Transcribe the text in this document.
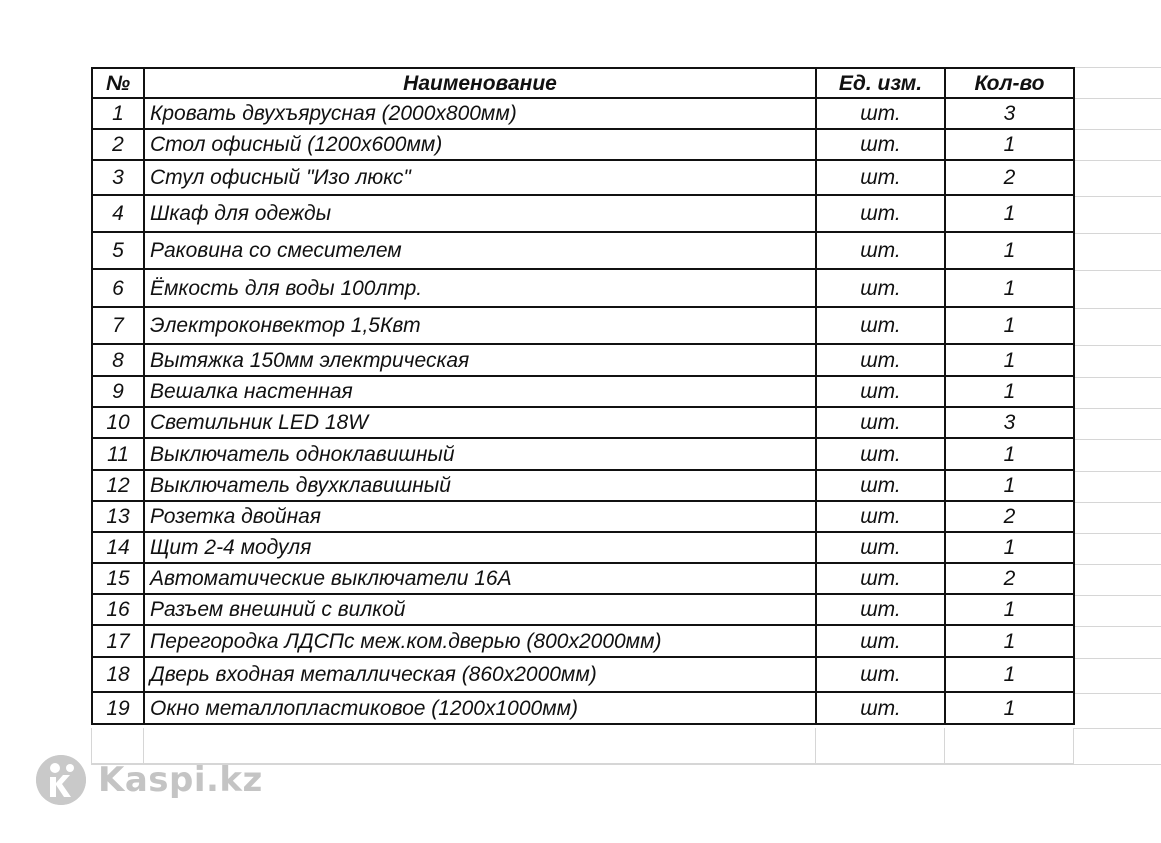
№	Наименование	Ед. изм.	Кол-во
1	Кровать двухъярусная (2000х800мм)	шт.	3
2	Стол офисный (1200х600мм)	шт.	1
3	Стул офисный "Изо люкс"	шт.	2
4	Шкаф для одежды	шт.	1
5	Раковина со смесителем	шт.	1
6	Ёмкость для воды 100лтр.	шт.	1
7	Электроконвектор 1,5Квт	шт.	1
8	Вытяжка 150мм электрическая	шт.	1
9	Вешалка настенная	шт.	1
10	Светильник LED 18W	шт.	3
11	Выключатель одноклавишный	шт.	1
12	Выключатель двухклавишный	шт.	1
13	Розетка двойная	шт.	2
14	Щит 2-4 модуля	шт.	1
15	Автоматические выключатели 16А	шт.	2
16	Разъем внешний с вилкой	шт.	1
17	Перегородка ЛДСПс меж.ком.дверью (800х2000мм)	шт.	1
18	Дверь входная металлическая (860х2000мм)	шт.	1
19	Окно металлопластиковое (1200х1000мм)	шт.	1

Kaspi.kz
